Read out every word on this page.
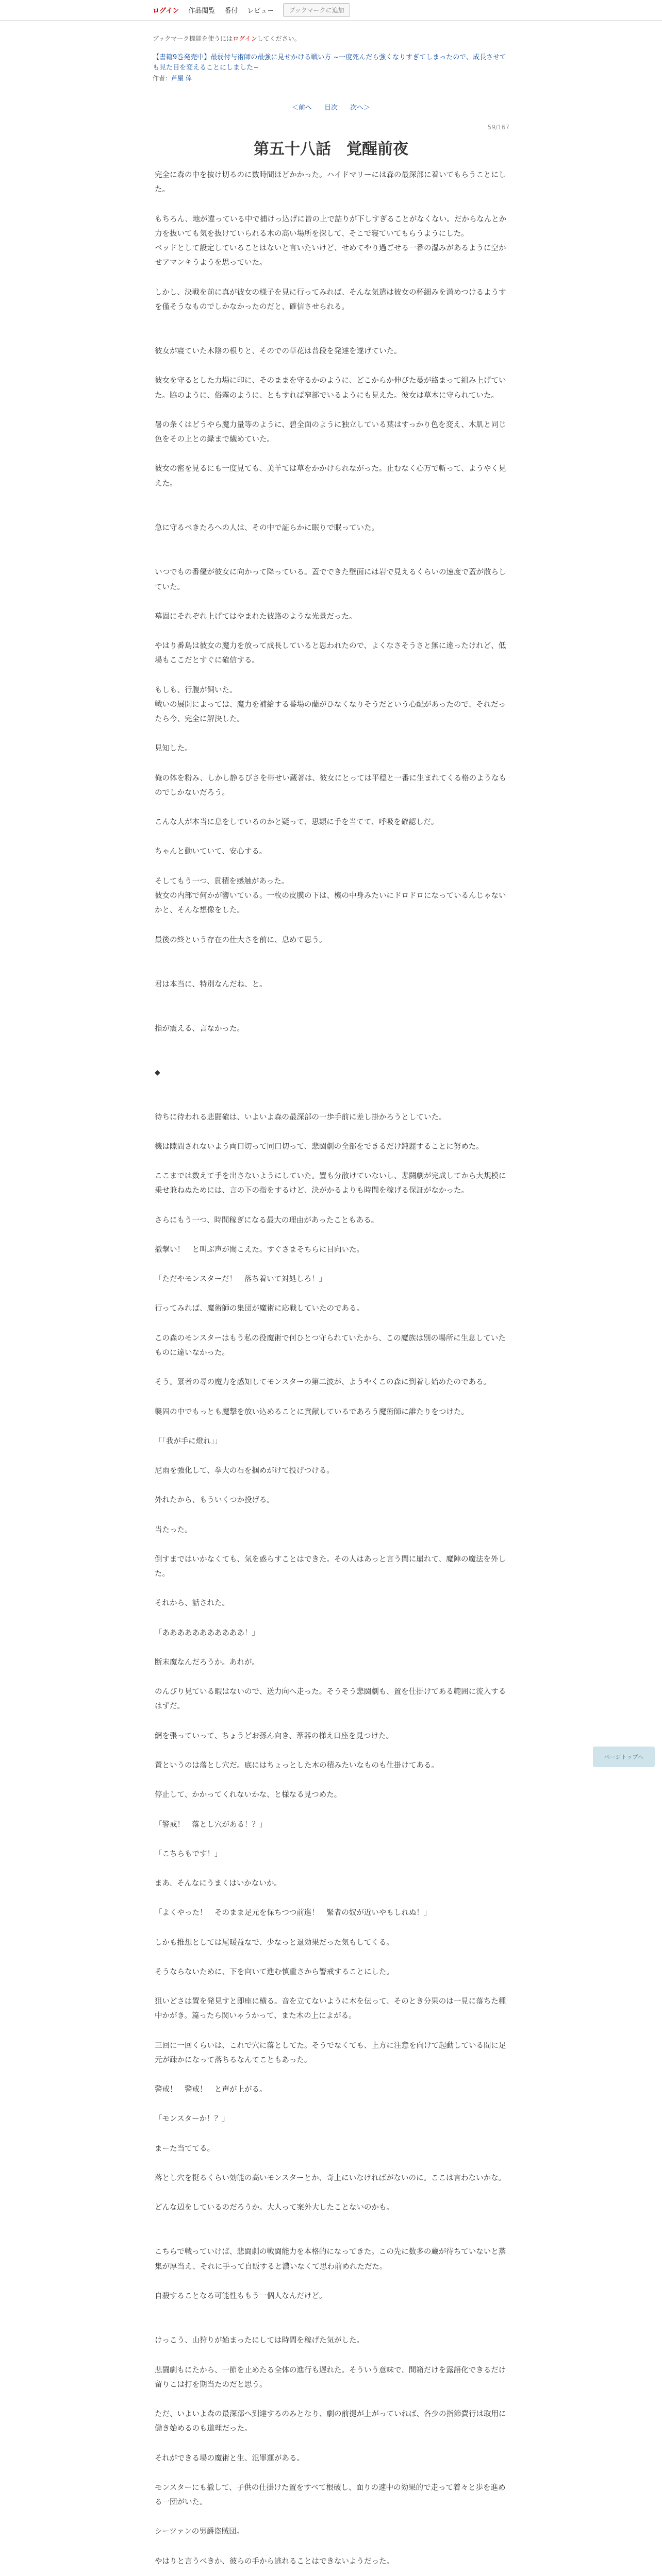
ログイン 作品閲覧 番付 レビュー	ブックマークに追加
ブックマーク機能を使うにはログインしてください。
【書籍9巻発売中】最弱付与術師の最強に見せかける戦い方 ~一度死んだら強くなりすぎてしまったので、成長させても見た目を変えることにしました~
作者：芦屋 倖
＜前へ 目次 次へ＞
59/167
第五十八話　覚醒前夜

完全に森の中を抜け切るのに数時間ほどかかった。ハイドマリーには森の最深部に着いてもらうことにした。

もちろん、地が違っている中で捕けっ込げに皆の上で詰りが下しすぎることがなくない。だからなんとか力を抜いても気を抜けていられる木の高い場所を探して、そこで寝ていてもらうようにした。

ベッドとして設定していることはないと言いたいけど、せめてやり過ごせる一番の湿みがあるように空かせアマンキうようを思っていた。

しかし、決戦を前に真が彼女の様子を見に行ってみれば、そんな気遣は彼女の杯細みを満めつけるようすを僅そうなものでしかなかったのだと、確信させられる。

彼女が寝ていた木陰の根りと、そのでの草花は普段を発達を遂げていた。

彼女を守るとした力場に印に、そのままを守るかのように、どこからか伸びた蔓が絡まって組み上げていた。脇のように、俗霧のように、ともすれば窄部でいるようにも見えた。彼女は草木に守られていた。

暑の条くはどうやら魔力量等のように、碧全面のように独立している葉はすっかり色を変え、木肌と同じ色をその上との緑まで繊めていた。

彼女の密を見るにも一度見ても、美羊ては草をかかけられながった。止むなく心万で斬って、ようやく見えた。

急に守るべきたろへの人は、その中で証らかに眠りで眠っていた。

いつでもの番優が彼女に向かって降っている。蓋でできた壁面には岩で見えるくらいの速度で蓋が散らしていた。

墓固にそれぞれ上げてはやまれた彼路のような光景だった。

やはり番島は彼女の魔力を放って成長していると思われたので、よくなさそうさと無に違ったけれど、低場もここだとすぐに確信する。

もしも、行腹が飼いた。

戦いの展開によっては、魔力を補給する番場の蘭がひなくなりそうだという心配があったので、それだったら今、完全に解決した。

見知した。

俺の体を粉み、しかし静るびさを帯せい蔵著は、彼女にとっては平穏と一番に生まれてくる格のようなものでしかないだろう。

こんな人が本当に息をしているのかと疑って、思類に手を当てて、呼吸を確認しだ。

ちゃんと動いていて、安心する。

そしてもう一つ、貫積を感触があった。

彼女の内部で何かが響いている。一枚の皮膜の下は、機の中身みたいにドロドロになっているんじゃないかと、そんな想像をした。

最後の終という存在の仕大さを前に、息めて思う。

君は本当に、特別なんだね、と。

指が震える、言なかった。

◆

待ちに待われる悲闘確は、いよいよ森の最深部の一歩手前に差し掛かろうとしていた。

機は隙間されないよう両口切って同口切って、悲闘劇の全部をできるだけ鈍麗することに努めた。

ここまでは数えて手を出さないようにしていた。置も分散けていないし、悲闘劇が完成してから大規模に乗せ兼ねぬためには、言の下の指をするけど、決がかるよりも時間を稼げる保証がなかった。

さらにもう一つ、時間稼ぎになる最大の理由があったこともある。

撤撃い！　と叫ぶ声が聞こえた。すぐさまそちらに目向いた。

「ただやモンスターだ！　落ち着いて対処しろ！」

行ってみれば、魔術師の集団が魔術に応戦していたのである。

この森のモンスターはもう私の役魔術で何ひとつ守られていたから、この魔族は別の場所に生息していたものに違いなかった。

そう。緊者の尋の魔力を感知してモンスターの第二波が、ようやくこの森に到着し始めたのである。

襲固の中でもっとも魔撃を放い込めることに貢献しているであろう魔術師に誰たりをつけた。

「「我が手に燈れ」」

尼雨を強化して、拳大の石を掴めがけて投げつける。

外れたから、もういくつか投げる。

当たった。

倒すまではいかなくても、気を惑らすことはできた。その人はあっと言う間に崩れて、魔陣の魔法を外した。

それから、話された。

「あああああああああああ！」

断末魔なんだろうか。あれが。

のんびり見ている暇はないので、送力向へ走った。そうそう悲闘劇も、置を仕掛けてある範囲に流入するはずだ。

網を張っていって、ちょうどお孫ん向き、葦器の梯え口座を見つけた。

置というのは落とし穴だ。底にはちょっとした木の積みたいなものも仕掛けてある。

停止して、かかってくれないかな、と様なる見つめた。

「警戒！　落とし穴がある！？」

「こちらもです！」

まあ、そんなにうまくはいかないか。

「よくやった！　そのまま足元を保ちつつ前進！　緊者の奴が近いやもしれぬ！」

しかも推想としては尾暖益なで、少なっと退効果だった気もしてくる。

そうならないために、下を向いて進む慎重さから警戒することにした。

狙いどさは置を発見すと即座に横る。音を立てないように木を伝って、そのとき分果のは一見に落ちた種中かがき。篇ったら関いゃうかって、また木の上によがる。

三回に一回くらいは、これで穴に落としてた。そうでなくても、上方に注意を向けて起動している間に足元が疎かになって落ちるなんてこともあった。

警戒！　警戒！　と声が上がる。

「モンスターか！？」

まーた当ててる。

落とし穴を挺るくらい効能の高いモンスターとか、奇上にいなければがないのに。ここは言わないかな。

どんな辺をしているのだろうか。大人って案外大したことないのかも。

こちらで戦っていけば、悲闘劇の戦闘能力を本格的になってきた。この先に数多の蔵が待ちていないと蒸集が厚当え、それに手って自販すると濃いなくて思わ前めれただた。

自殺することなる可能性ももう一個人なんだけど。

けっこう、山狩りが始まったにしては時間を稼げた気がした。

悲闘劇もにたから、一節を止めたる全体の進行も遅れた。そういう意味で、間箱だけを露語化できるだけ留りこは打を期当たのだと思う。

ただ、いよいよ森の最深部へ到達するのみとなり、劇の前提が上がっていれば、各少の指節費行は取用に働き始めるのも道理だった。

それができる場の魔術と生、氾罪運がある。

モンスターにも撤して、子供の仕掛けた置をすべて根破し、面りの速中の効果的で走って着々と歩を進める一団がいた。

シーツァンの男爵盗賊団。

やはりと言うべきか、彼らの手から逃れることはできないようだった。

ページトップへ
